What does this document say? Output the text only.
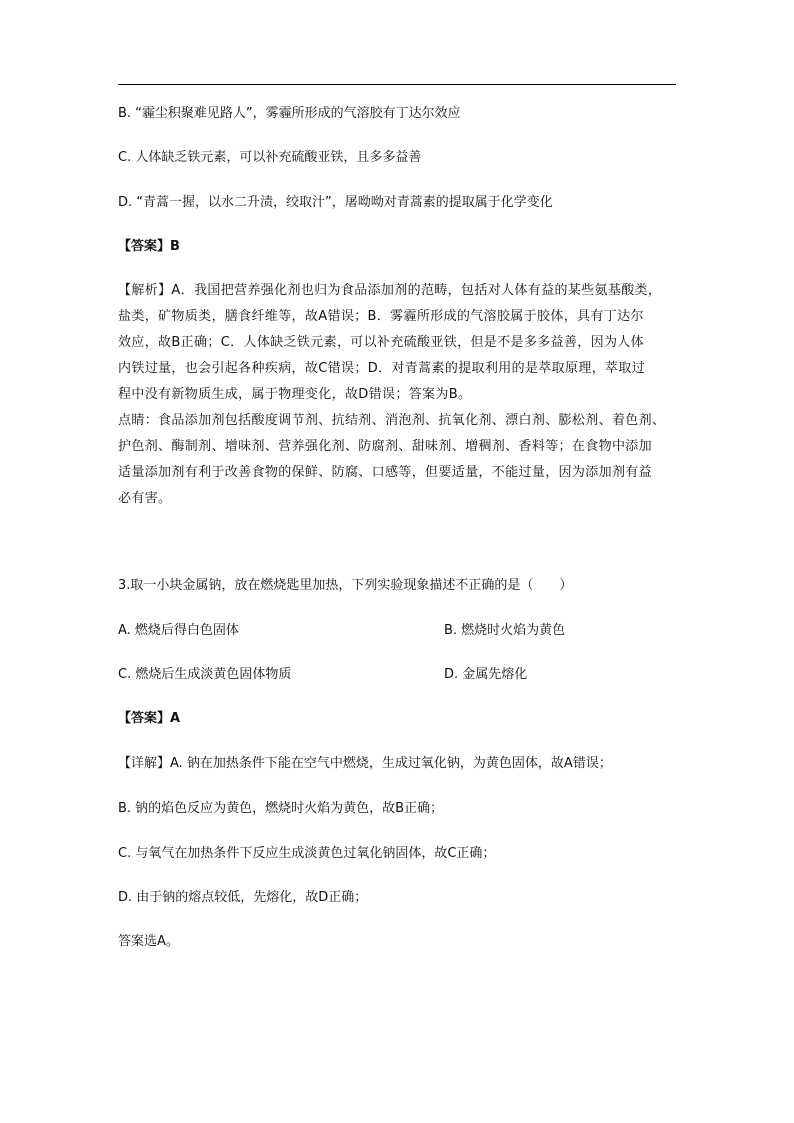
B. “霾尘积聚难见路人”，雾霾所形成的气溶胶有丁达尔效应
C. 人体缺乏铁元素，可以补充硫酸亚铁，且多多益善
D. “青蒿一握，以水二升渍，绞取汁”，屠呦呦对青蒿素的提取属于化学变化
【答案】B
【解析】A．我国把营养强化剂也归为食品添加剂的范畴，包括对人体有益的某些氨基酸类，
盐类，矿物质类，膳食纤维等，故A错误；B．雾霾所形成的气溶胶属于胶体，具有丁达尔
效应，故B正确；C．人体缺乏铁元素，可以补充硫酸亚铁，但是不是多多益善，因为人体
内铁过量，也会引起各种疾病，故C错误；D．对青蒿素的提取利用的是萃取原理，萃取过
程中没有新物质生成，属于物理变化，故D错误；答案为B。
点睛：食品添加剂包括酸度调节剂、抗结剂、消泡剂、抗氧化剂、漂白剂、膨松剂、着色剂、
护色剂、酶制剂、增味剂、营养强化剂、防腐剂、甜味剂、增稠剂、香料等；在食物中添加
适量添加剂有利于改善食物的保鲜、防腐、口感等，但要适量，不能过量，因为添加剂有益
必有害。
3.取一小块金属钠，放在燃烧匙里加热，下列实验现象描述不正确的是（　　）
A. 燃烧后得白色固体	B. 燃烧时火焰为黄色
C. 燃烧后生成淡黄色固体物质	D. 金属先熔化
【答案】A
【详解】A. 钠在加热条件下能在空气中燃烧，生成过氧化钠，为黄色固体，故A错误；
B. 钠的焰色反应为黄色，燃烧时火焰为黄色，故B正确；
C. 与氧气在加热条件下反应生成淡黄色过氧化钠固体，故C正确；
D. 由于钠的熔点较低，先熔化，故D正确；
答案选A。
